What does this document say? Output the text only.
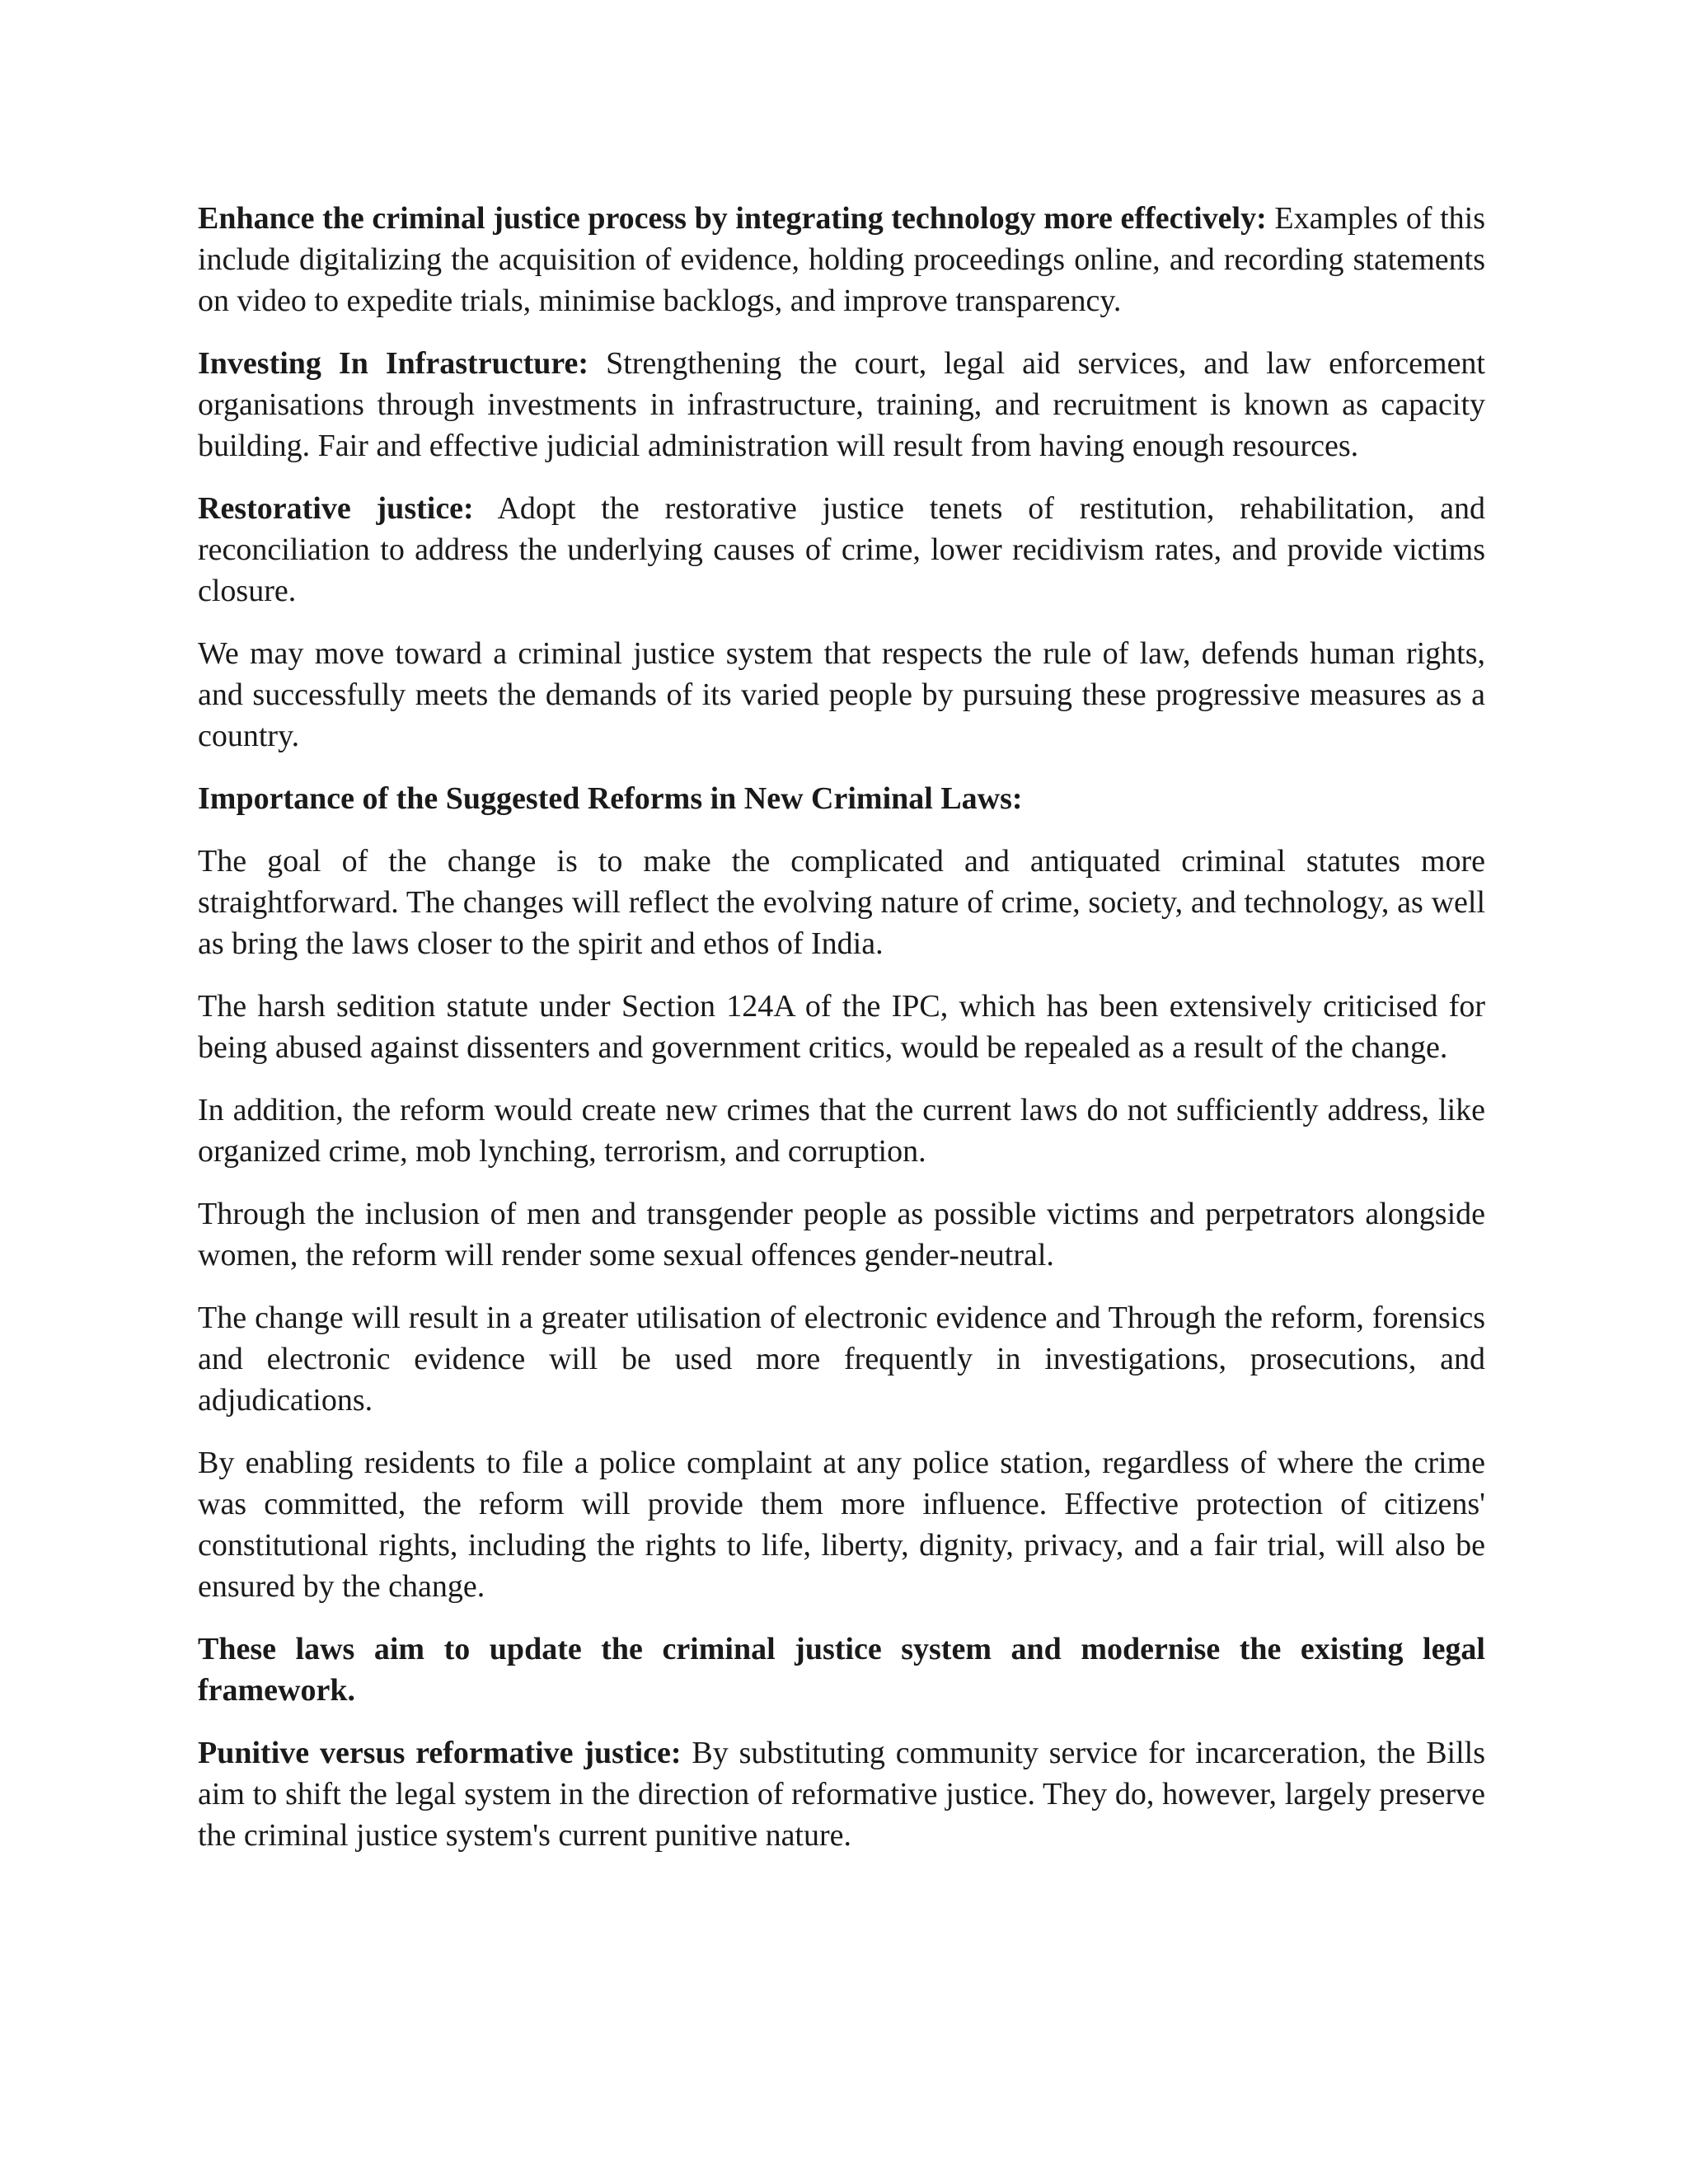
Enhance the criminal justice process by integrating technology more effectively: Examples of this include digitalizing the acquisition of evidence, holding proceedings online, and recording statements on video to expedite trials, minimise backlogs, and improve transparency.

Investing In Infrastructure: Strengthening the court, legal aid services, and law enforcement organisations through investments in infrastructure, training, and recruitment is known as capacity building. Fair and effective judicial administration will result from having enough resources.

Restorative justice: Adopt the restorative justice tenets of restitution, rehabilitation, and reconciliation to address the underlying causes of crime, lower recidivism rates, and provide victims closure.

We may move toward a criminal justice system that respects the rule of law, defends human rights, and successfully meets the demands of its varied people by pursuing these progressive measures as a country.

Importance of the Suggested Reforms in New Criminal Laws:

The goal of the change is to make the complicated and antiquated criminal statutes more straightforward. The changes will reflect the evolving nature of crime, society, and technology, as well as bring the laws closer to the spirit and ethos of India.

The harsh sedition statute under Section 124A of the IPC, which has been extensively criticised for being abused against dissenters and government critics, would be repealed as a result of the change.

In addition, the reform would create new crimes that the current laws do not sufficiently address, like organized crime, mob lynching, terrorism, and corruption.

Through the inclusion of men and transgender people as possible victims and perpetrators alongside women, the reform will render some sexual offences gender-neutral.

The change will result in a greater utilisation of electronic evidence and Through the reform, forensics and electronic evidence will be used more frequently in investigations, prosecutions, and adjudications.

By enabling residents to file a police complaint at any police station, regardless of where the crime was committed, the reform will provide them more influence. Effective protection of citizens' constitutional rights, including the rights to life, liberty, dignity, privacy, and a fair trial, will also be ensured by the change.

These laws aim to update the criminal justice system and modernise the existing legal framework.

Punitive versus reformative justice: By substituting community service for incarceration, the Bills aim to shift the legal system in the direction of reformative justice. They do, however, largely preserve the criminal justice system's current punitive nature.
